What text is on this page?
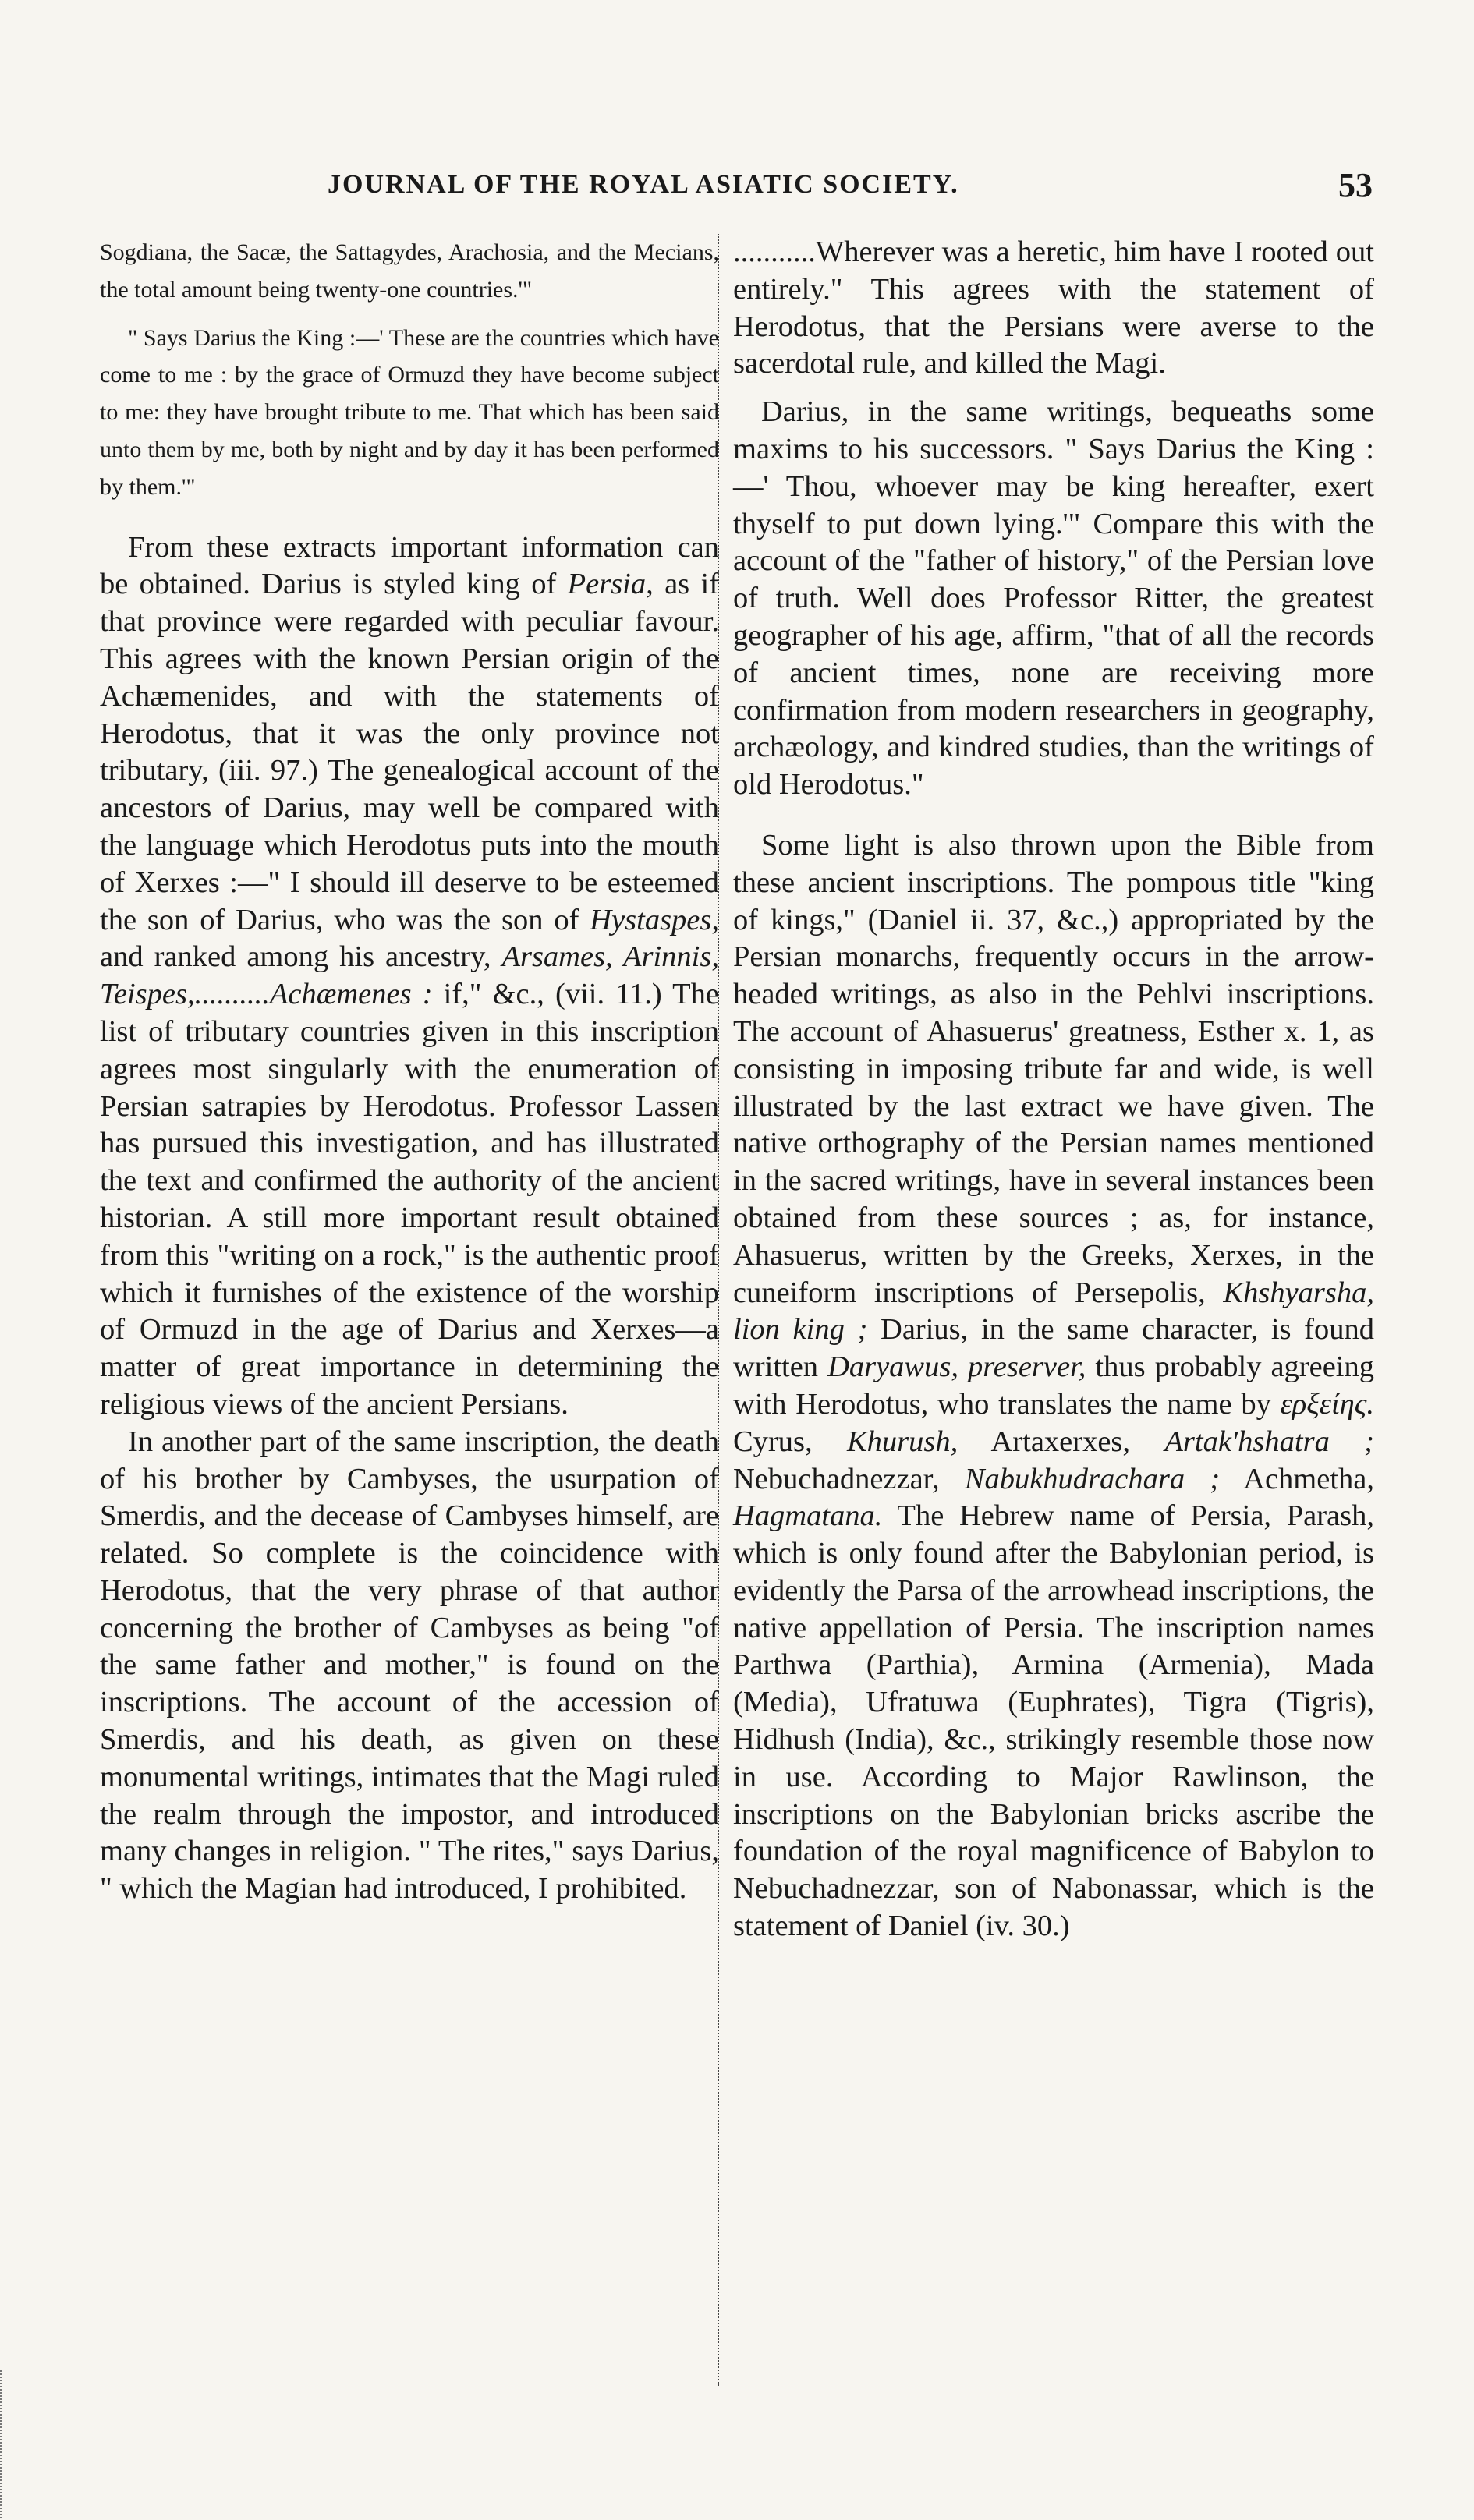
JOURNAL OF THE ROYAL ASIATIC SOCIETY.	53

Sogdiana, the Sacæ, the Sattagydes, Arachosia, and the Mecians, the total amount being twenty-one countries.'"

" Says Darius the King :—' These are the countries which have come to me : by the grace of Ormuzd they have become subject to me: they have brought tribute to me. That which has been said unto them by me, both by night and by day it has been performed by them.'"

From these extracts important information can be obtained. Darius is styled king of Persia, as if that province were regarded with peculiar favour. This agrees with the known Persian origin of the Achæmenides, and with the statements of Herodotus, that it was the only province not tributary, (iii. 97.) The genealogical account of the ancestors of Darius, may well be compared with the language which Herodotus puts into the mouth of Xerxes :—" I should ill deserve to be esteemed the son of Darius, who was the son of Hystaspes, and ranked among his ancestry, Arsames, Arinnis, Teispes,..........Achæmenes : if," &c., (vii. 11.) The list of tributary countries given in this inscription agrees most singularly with the enumeration of Persian satrapies by Herodotus. Professor Lassen has pursued this investigation, and has illustrated the text and confirmed the authority of the ancient historian. A still more important result obtained from this "writing on a rock," is the authentic proof which it furnishes of the existence of the worship of Ormuzd in the age of Darius and Xerxes—a matter of great importance in determining the religious views of the ancient Persians.

In another part of the same inscription, the death of his brother by Cambyses, the usurpation of Smerdis, and the decease of Cambyses himself, are related. So complete is the coincidence with Herodotus, that the very phrase of that author concerning the brother of Cambyses as being "of the same father and mother," is found on the inscriptions. The account of the accession of Smerdis, and his death, as given on these monumental writings, intimates that the Magi ruled the realm through the impostor, and introduced many changes in religion. " The rites," says Darius, " which the Magian had introduced, I prohibited.

...........Wherever was a heretic, him have I rooted out entirely." This agrees with the statement of Herodotus, that the Persians were averse to the sacerdotal rule, and killed the Magi.

Darius, in the same writings, bequeaths some maxims to his successors. " Says Darius the King :—' Thou, whoever may be king hereafter, exert thyself to put down lying.'" Compare this with the account of the "father of history," of the Persian love of truth. Well does Professor Ritter, the greatest geographer of his age, affirm, "that of all the records of ancient times, none are receiving more confirmation from modern researchers in geography, archæology, and kindred studies, than the writings of old Herodotus."

Some light is also thrown upon the Bible from these ancient inscriptions. The pompous title "king of kings," (Daniel ii. 37, &c.,) appropriated by the Persian monarchs, frequently occurs in the arrow-headed writings, as also in the Pehlvi inscriptions. The account of Ahasuerus' greatness, Esther x. 1, as consisting in imposing tribute far and wide, is well illustrated by the last extract we have given. The native orthography of the Persian names mentioned in the sacred writings, have in several instances been obtained from these sources ; as, for instance, Ahasuerus, written by the Greeks, Xerxes, in the cuneiform inscriptions of Persepolis, Khshyarsha, lion king ; Darius, in the same character, is found written Daryawus, preserver, thus probably agreeing with Herodotus, who translates the name by ερξείης. Cyrus, Khurush, Artaxerxes, Artak'hshatra ; Nebuchadnezzar, Nabukhudrachara ; Achmetha, Hagmatana. The Hebrew name of Persia, Parash, which is only found after the Babylonian period, is evidently the Parsa of the arrowhead inscriptions, the native appellation of Persia. The inscription names Parthwa (Parthia), Armina (Armenia), Mada (Media), Ufratuwa (Euphrates), Tigra (Tigris), Hidhush (India), &c., strikingly resemble those now in use. According to Major Rawlinson, the inscriptions on the Babylonian bricks ascribe the foundation of the royal magnificence of Babylon to Nebuchadnezzar, son of Nabonassar, which is the statement of Daniel (iv. 30.)
